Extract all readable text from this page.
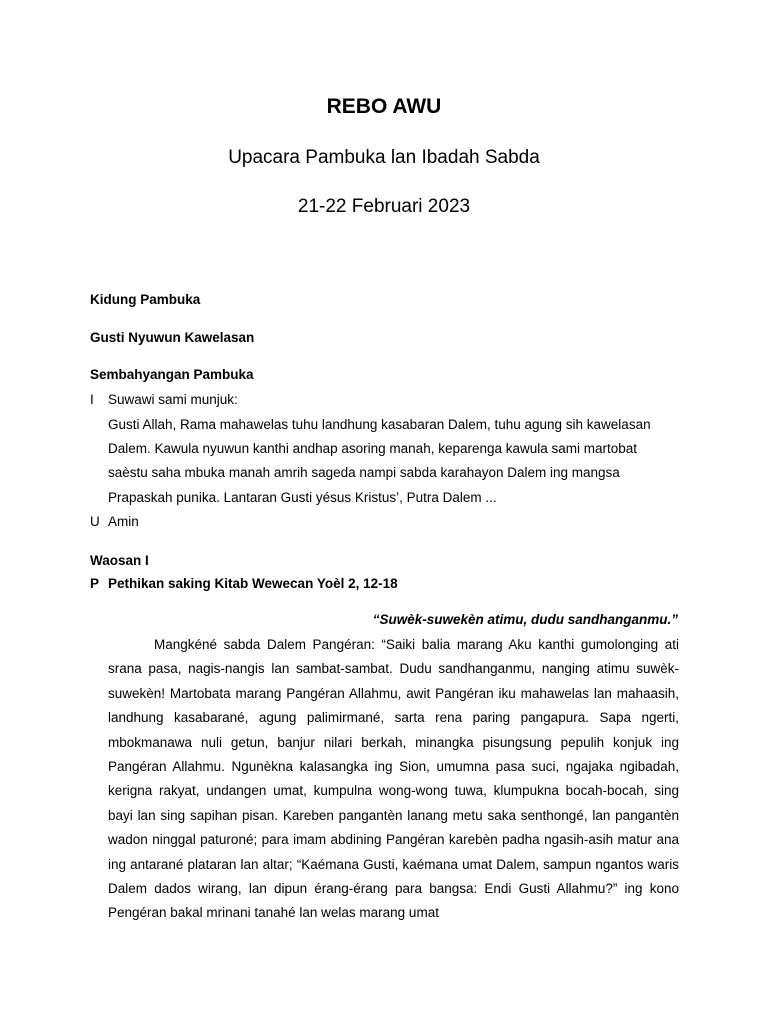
REBO AWU
Upacara Pambuka lan Ibadah Sabda
21-22 Februari 2023
Kidung Pambuka
Gusti Nyuwun Kawelasan
Sembahyangan Pambuka
I Suwawi sami munjuk:
Gusti Allah, Rama mahawelas tuhu landhung kasabaran Dalem, tuhu agung sih kawelasan
Dalem. Kawula nyuwun kanthi andhap asoring manah, keparenga kawula sami martobat
saèstu saha mbuka manah amrih sageda nampi sabda karahayon Dalem ing mangsa
Prapaskah punika. Lantaran Gusti yésus Kristus’, Putra Dalem ...
U Amin
Waosan I
P Pethikan saking Kitab Wewecan Yoèl 2, 12-18
“Suwèk-suwekèn atimu, dudu sandhanganmu.”
Mangkéné sabda Dalem Pangéran: “Saiki balia marang Aku kanthi gumolonging ati srana pasa, nagis-nangis lan sambat-sambat. Dudu sandhanganmu, nanging atimu suwèk-suwekèn! Martobata marang Pangéran Allahmu, awit Pangéran iku mahawelas lan mahaasih, landhung kasabarané, agung palimirmané, sarta rena paring pangapura. Sapa ngerti, mbokmanawa nuli getun, banjur nilari berkah, minangka pisungsung pepulih konjuk ing Pangéran Allahmu. Ngunèkna kalasangka ing Sion, umumna pasa suci, ngajaka ngibadah, kerigna rakyat, undangen umat, kumpulna wong-wong tuwa, klumpukna bocah-bocah, sing bayi lan sing sapihan pisan. Kareben pangantèn lanang metu saka senthongé, lan pangantèn wadon ninggal paturoné; para imam abdining Pangéran karebèn padha ngasih-asih matur ana ing antarané plataran lan altar; “Kaémana Gusti, kaémana umat Dalem, sampun ngantos waris Dalem dados wirang, lan dipun érang-érang para bangsa: Endi Gusti Allahmu?” ing kono Pengéran bakal mrinani tanahé lan welas marang umat
